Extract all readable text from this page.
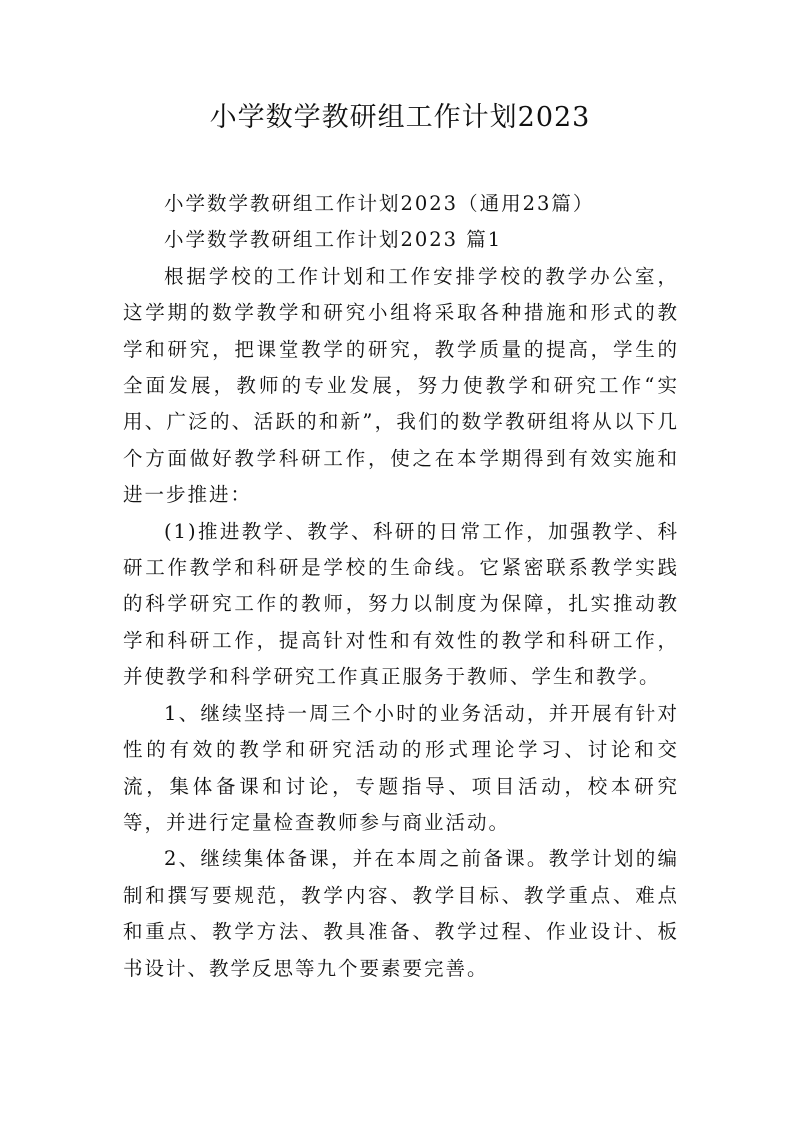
小学数学教研组工作计划2023

小学数学教研组工作计划2023（通用23篇）

小学数学教研组工作计划2023 篇1

根据学校的工作计划和工作安排学校的教学办公室，这学期的数学教学和研究小组将采取各种措施和形式的教学和研究，把课堂教学的研究，教学质量的提高，学生的全面发展，教师的专业发展，努力使教学和研究工作“实用、广泛的、活跃的和新”，我们的数学教研组将从以下几个方面做好教学科研工作，使之在本学期得到有效实施和进一步推进：

(1)推进教学、教学、科研的日常工作，加强教学、科研工作教学和科研是学校的生命线。它紧密联系教学实践的科学研究工作的教师，努力以制度为保障，扎实推动教学和科研工作，提高针对性和有效性的教学和科研工作，并使教学和科学研究工作真正服务于教师、学生和教学。

1、继续坚持一周三个小时的业务活动，并开展有针对性的有效的教学和研究活动的形式理论学习、讨论和交流，集体备课和讨论，专题指导、项目活动，校本研究等，并进行定量检查教师参与商业活动。

2、继续集体备课，并在本周之前备课。教学计划的编制和撰写要规范，教学内容、教学目标、教学重点、难点和重点、教学方法、教具准备、教学过程、作业设计、板书设计、教学反思等九个要素要完善。
